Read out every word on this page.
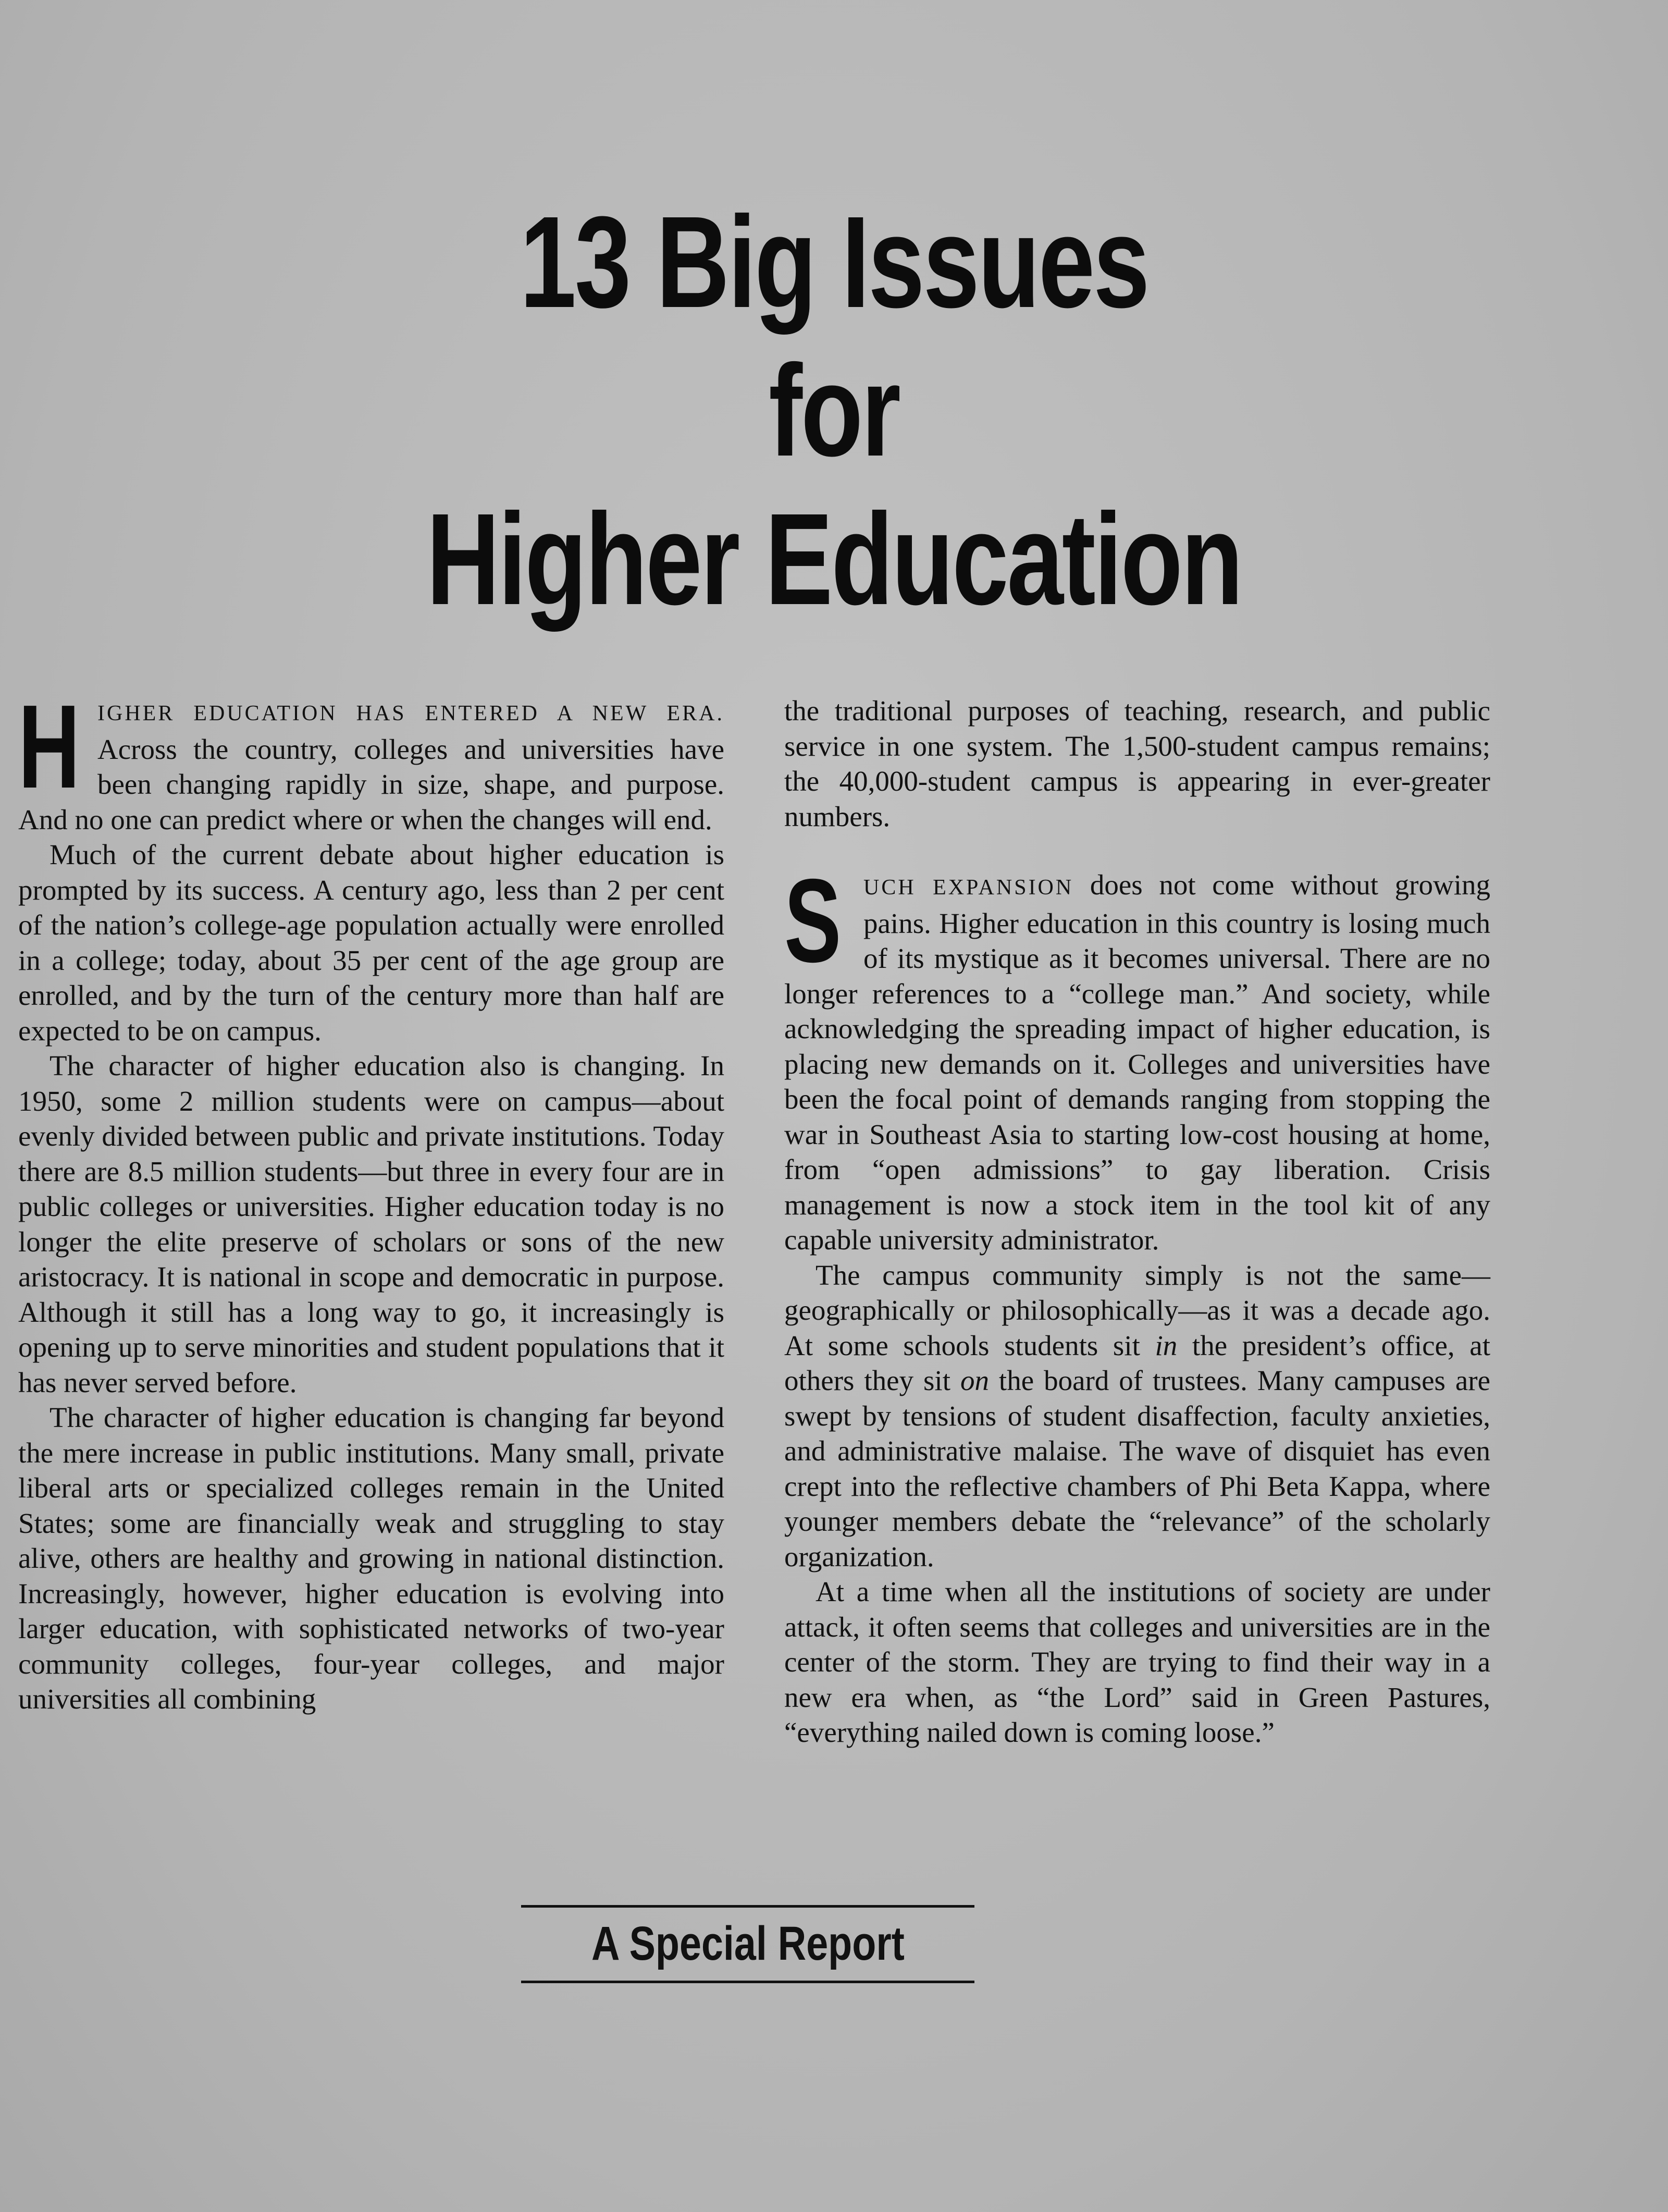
13 Big Issues
for
Higher Education

HIGHER EDUCATION HAS ENTERED A NEW ERA. Across the country, colleges and universities have been changing rapidly in size, shape, and purpose. And no one can predict where or when the changes will end.

Much of the current debate about higher education is prompted by its success. A century ago, less than 2 per cent of the nation’s college-age population actually were enrolled in a college; today, about 35 per cent of the age group are enrolled, and by the turn of the century more than half are expected to be on campus.

The character of higher education also is changing. In 1950, some 2 million students were on campus—about evenly divided between public and private institutions. Today there are 8.5 million students—but three in every four are in public colleges or universities. Higher education today is no longer the elite preserve of scholars or sons of the new aristocracy. It is national in scope and democratic in purpose. Although it still has a long way to go, it increasingly is opening up to serve minorities and student populations that it has never served before.

The character of higher education is changing far beyond the mere increase in public institutions. Many small, private liberal arts or specialized colleges remain in the United States; some are financially weak and struggling to stay alive, others are healthy and growing in national distinction. Increasingly, however, higher education is evolving into larger education, with sophisticated networks of two-year community colleges, four-year colleges, and major universities all combining

the traditional purposes of teaching, research, and public service in one system. The 1,500-student campus remains; the 40,000-student campus is appearing in ever-greater numbers.

S UCH EXPANSION does not come without growing pains. Higher education in this country is losing much of its mystique as it becomes universal. There are no longer references to a “college man.” And society, while acknowledging the spreading impact of higher education, is placing new demands on it. Colleges and universities have been the focal point of demands ranging from stopping the war in Southeast Asia to starting low-cost housing at home, from “open admissions” to gay liberation. Crisis management is now a stock item in the tool kit of any capable university administrator.

The campus community simply is not the same—geographically or philosophically—as it was a decade ago. At some schools students sit in the president’s office, at others they sit on the board of trustees. Many campuses are swept by tensions of student disaffection, faculty anxieties, and administrative malaise. The wave of disquiet has even crept into the reflective chambers of Phi Beta Kappa, where younger members debate the “relevance” of the scholarly organization.

At a time when all the institutions of society are under attack, it often seems that colleges and universities are in the center of the storm. They are trying to find their way in a new era when, as “the Lord” said in Green Pastures, “everything nailed down is coming loose.”

A Special Report
